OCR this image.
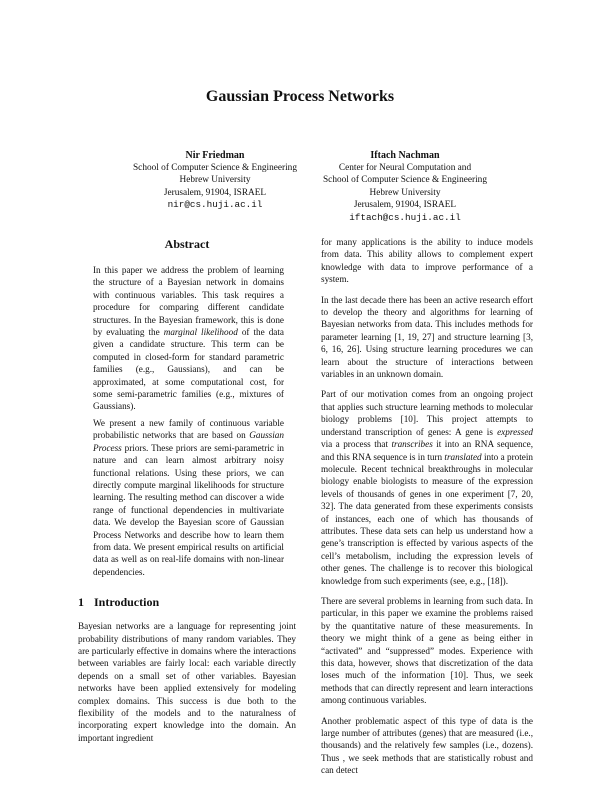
Gaussian Process Networks
Nir Friedman
School of Computer Science & Engineering
Hebrew University
Jerusalem, 91904, ISRAEL
nir@cs.huji.ac.il
Iftach Nachman
Center for Neural Computation and
School of Computer Science & Engineering
Hebrew University
Jerusalem, 91904, ISRAEL
iftach@cs.huji.ac.il
Abstract

In this paper we address the problem of learning the structure of a Bayesian network in domains with continuous variables. This task requires a procedure for comparing different candidate structures. In the Bayesian framework, this is done by evaluating the marginal likelihood of the data given a candidate structure. This term can be computed in closed-form for standard parametric families (e.g., Gaussians), and can be approximated, at some computational cost, for some semi-parametric families (e.g., mixtures of Gaussians).

We present a new family of continuous variable probabilistic networks that are based on Gaussian Process priors. These priors are semi-parametric in nature and can learn almost arbitrary noisy functional relations. Using these priors, we can directly compute marginal likelihoods for structure learning. The resulting method can discover a wide range of functional dependencies in multivariate data. We develop the Bayesian score of Gaussian Process Networks and describe how to learn them from data. We present empirical results on artificial data as well as on real-life domains with non-linear dependencies.

1 Introduction

Bayesian networks are a language for representing joint probability distributions of many random variables. They are particularly effective in domains where the interactions between variables are fairly local: each variable directly depends on a small set of other variables. Bayesian networks have been applied extensively for modeling complex domains. This success is due both to the flexibility of the models and to the naturalness of incorporating expert knowledge into the domain. An important ingredient

for many applications is the ability to induce models from data. This ability allows to complement expert knowledge with data to improve performance of a system.

In the last decade there has been an active research effort to develop the theory and algorithms for learning of Bayesian networks from data. This includes methods for parameter learning [1, 19, 27] and structure learning [3, 6, 16, 26]. Using structure learning procedures we can learn about the structure of interactions between variables in an unknown domain.

Part of our motivation comes from an ongoing project that applies such structure learning methods to molecular biology problems [10]. This project attempts to understand transcription of genes: A gene is expressed via a process that transcribes it into an RNA sequence, and this RNA sequence is in turn translated into a protein molecule. Recent technical breakthroughs in molecular biology enable biologists to measure of the expression levels of thousands of genes in one experiment [7, 20, 32]. The data generated from these experiments consists of instances, each one of which has thousands of attributes. These data sets can help us understand how a gene’s transcription is effected by various aspects of the cell’s metabolism, including the expression levels of other genes. The challenge is to recover this biological knowledge from such experiments (see, e.g., [18]).

There are several problems in learning from such data. In particular, in this paper we examine the problems raised by the quantitative nature of these measurements. In theory we might think of a gene as being either in “activated” and “suppressed” modes. Experience with this data, however, shows that discretization of the data loses much of the information [10]. Thus, we seek methods that can directly represent and learn interactions among continuous variables.

Another problematic aspect of this type of data is the large number of attributes (genes) that are measured (i.e., thousands) and the relatively few samples (i.e., dozens). Thus , we seek methods that are statistically robust and can detect
